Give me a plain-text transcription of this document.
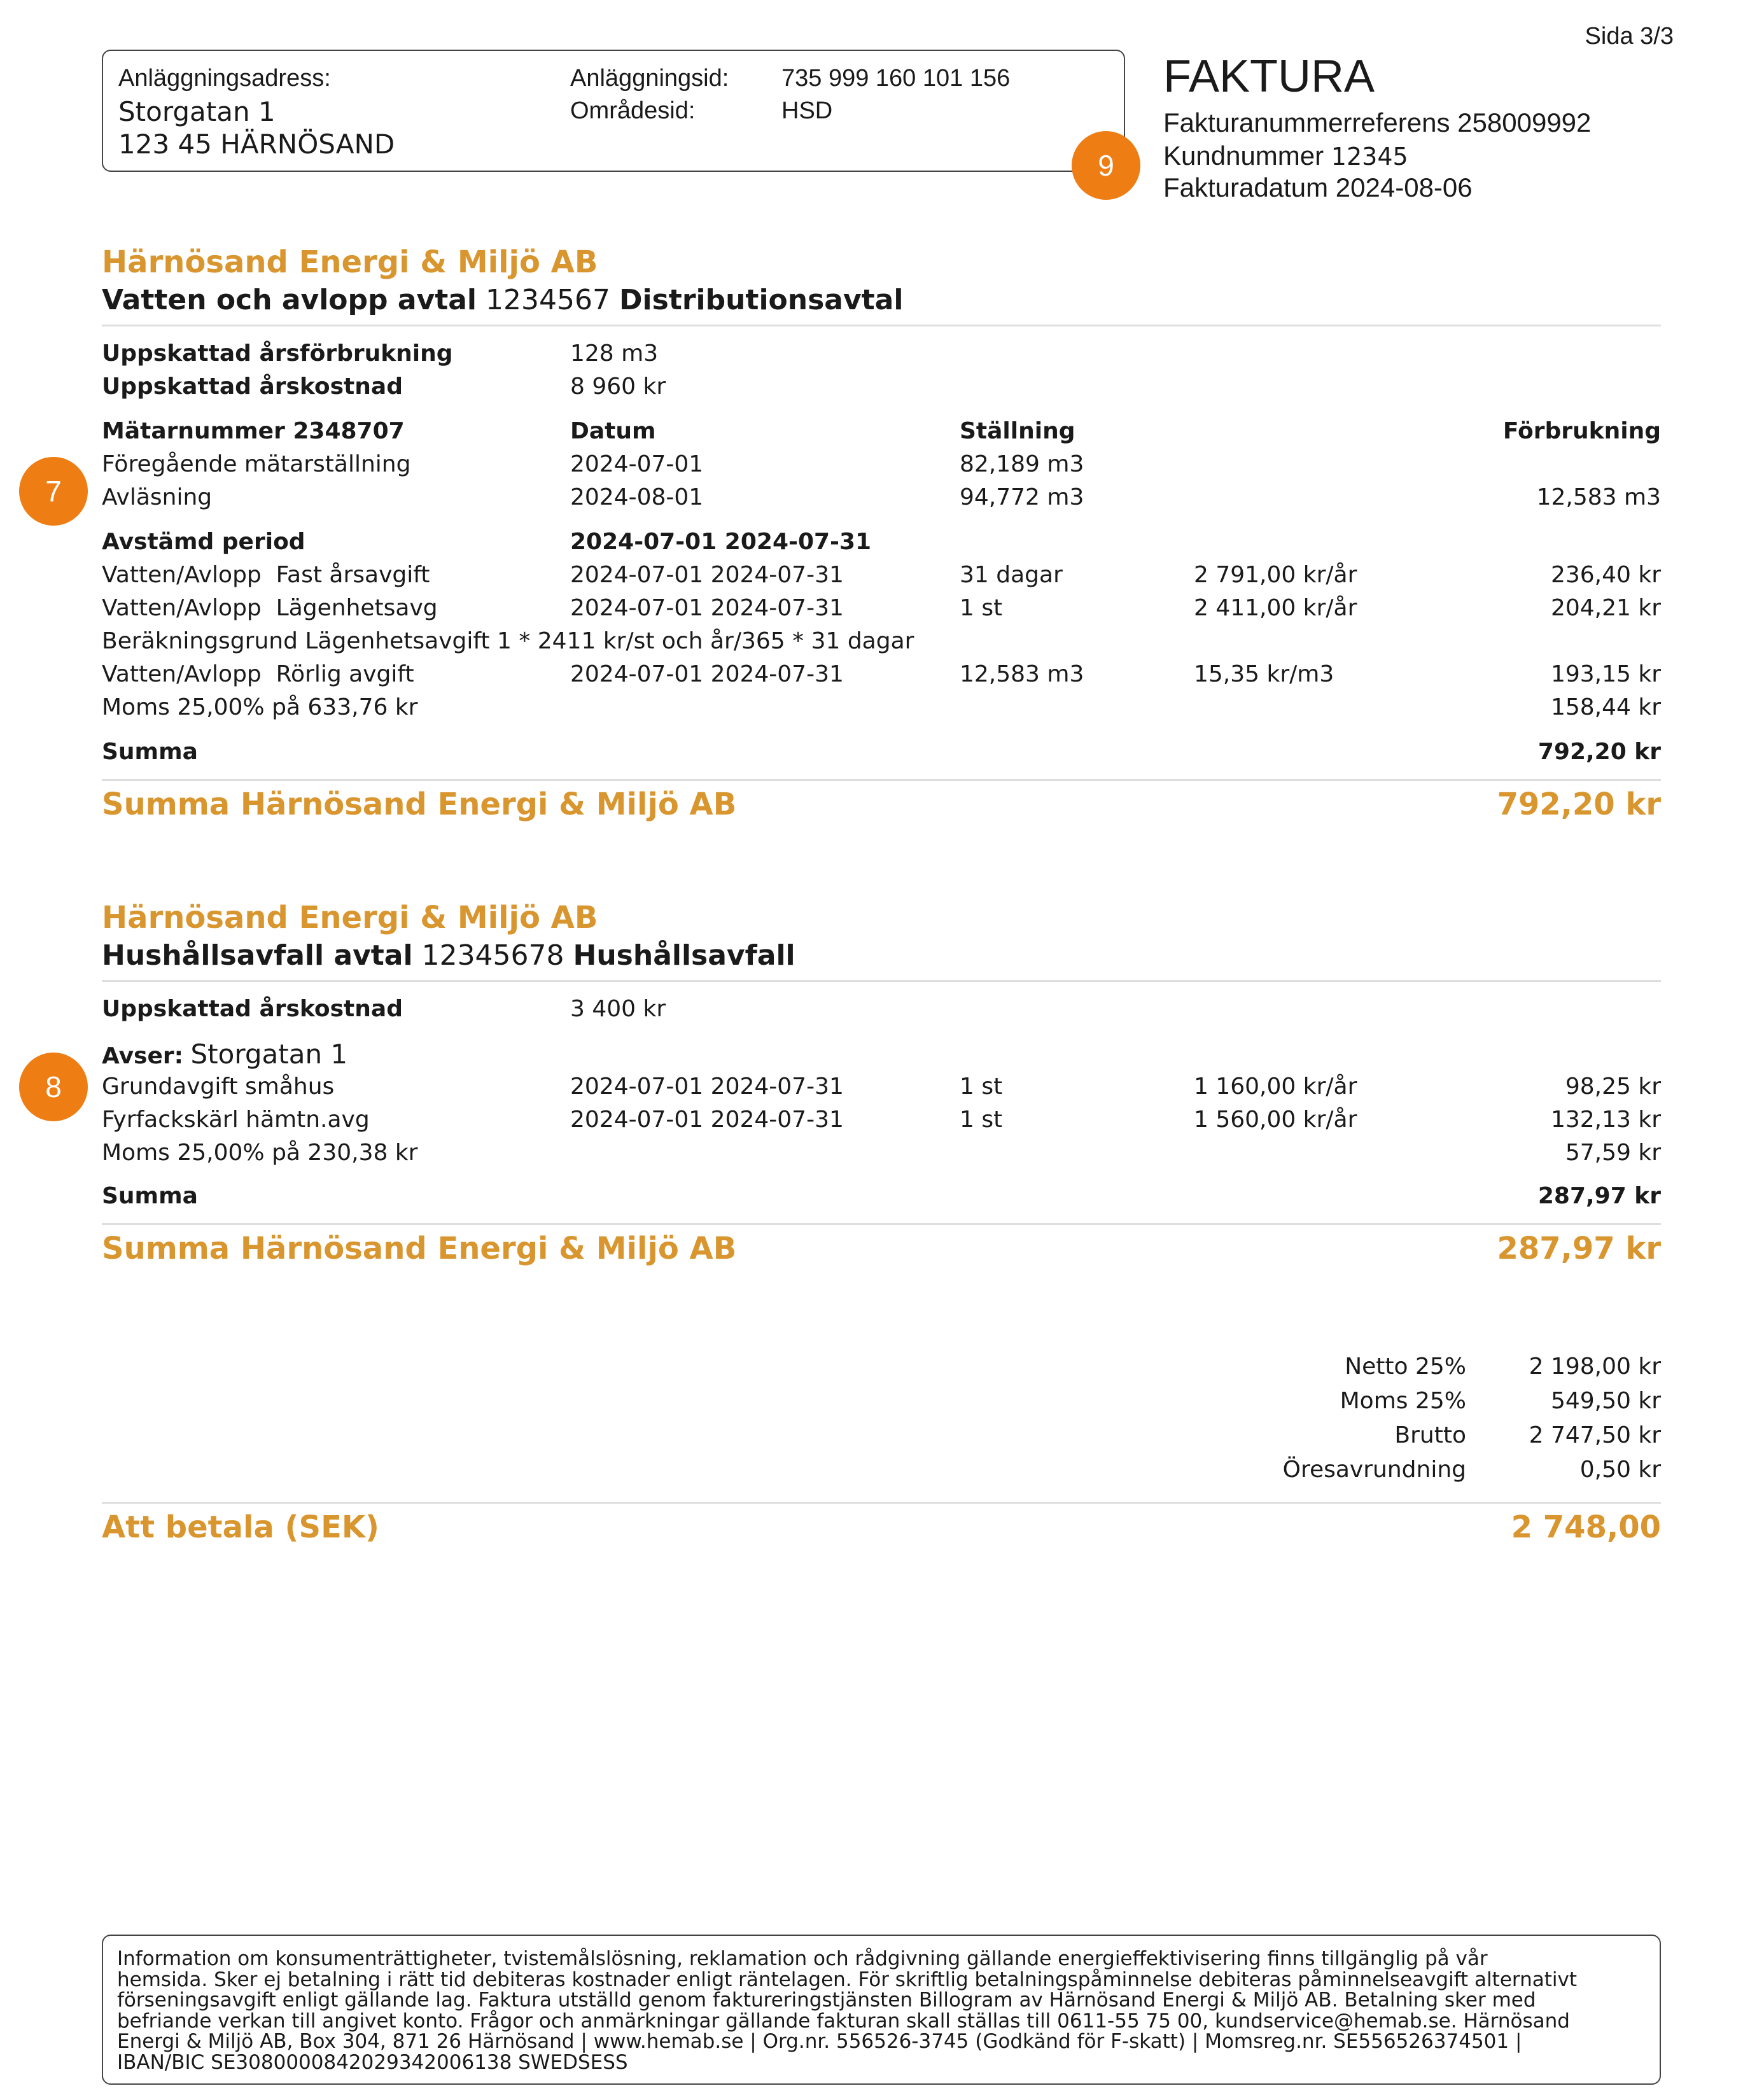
Sida 3/3
Anläggningsadress:
Storgatan 1
123 45 HÄRNÖSAND
Anläggningsid: 735 999 160 101 156
Områdesid:	HSD
9
FAKTURA
Fakturanummerreferens 258009992
Kundnummer 12345
Fakturadatum 2024-08-06
Härnösand Energi & Miljö AB
Vatten och avlopp avtal 1234567 Distributionsavtal
Uppskattad årsförbrukning	128 m3
Uppskattad årskostnad	8 960 kr
Mätarnummer 2348707	Datum	Ställning	Förbrukning
7
Föregående mätarställning	2024-07-01	82,189 m3
Avläsning	2024-08-01	94,772 m3	12,583 m3
Avstämd period	2024-07-01 2024-07-31
Vatten/Avlopp  Fast årsavgift	2024-07-01 2024-07-31	31 dagar	2 791,00 kr/år	236,40 kr
Vatten/Avlopp  Lägenhetsavg	2024-07-01 2024-07-31	1 st	2 411,00 kr/år	204,21 kr
Beräkningsgrund Lägenhetsavgift 1 * 2411 kr/st och år/365 * 31 dagar
Vatten/Avlopp  Rörlig avgift	2024-07-01 2024-07-31	12,583 m3	15,35 kr/m3	193,15 kr
Moms 25,00% på 633,76 kr	158,44 kr
Summa	792,20 kr
Summa Härnösand Energi & Miljö AB	792,20 kr
Härnösand Energi & Miljö AB
Hushållsavfall avtal 12345678 Hushållsavfall
Uppskattad årskostnad	3 400 kr
Avser: Storgatan 1
8	Grundavgift småhus	2024-07-01 2024-07-31	1 st	1 160,00 kr/år	98,25 kr
Fyrfackskärl hämtn.avg	2024-07-01 2024-07-31	1 st	1 560,00 kr/år	132,13 kr
Moms 25,00% på 230,38 kr	57,59 kr
Summa	287,97 kr
Summa Härnösand Energi & Miljö AB	287,97 kr
Netto 25%	2 198,00 kr
Moms 25%	549,50 kr
Brutto	2 747,50 kr
Öresavrundning	0,50 kr
Att betala (SEK)	2 748,00
Information om konsumenträttigheter, tvistemålslösning, reklamation och rådgivning gällande energieffektivisering finns tillgänglig på vår
hemsida. Sker ej betalning i rätt tid debiteras kostnader enligt räntelagen. För skriftlig betalningspåminnelse debiteras påminnelseavgift alternativt
förseningsavgift enligt gällande lag. Faktura utställd genom faktureringstjänsten Billogram av Härnösand Energi & Miljö AB. Betalning sker med
befriande verkan till angivet konto. Frågor och anmärkningar gällande fakturan skall ställas till 0611-55 75 00, kundservice@hemab.se. Härnösand
Energi & Miljö AB, Box 304, 871 26 Härnösand | www.hemab.se | Org.nr. 556526-3745 (Godkänd för F-skatt) | Momsreg.nr. SE556526374501 |
IBAN/BIC SE3080000842029342006138 SWEDSESS
